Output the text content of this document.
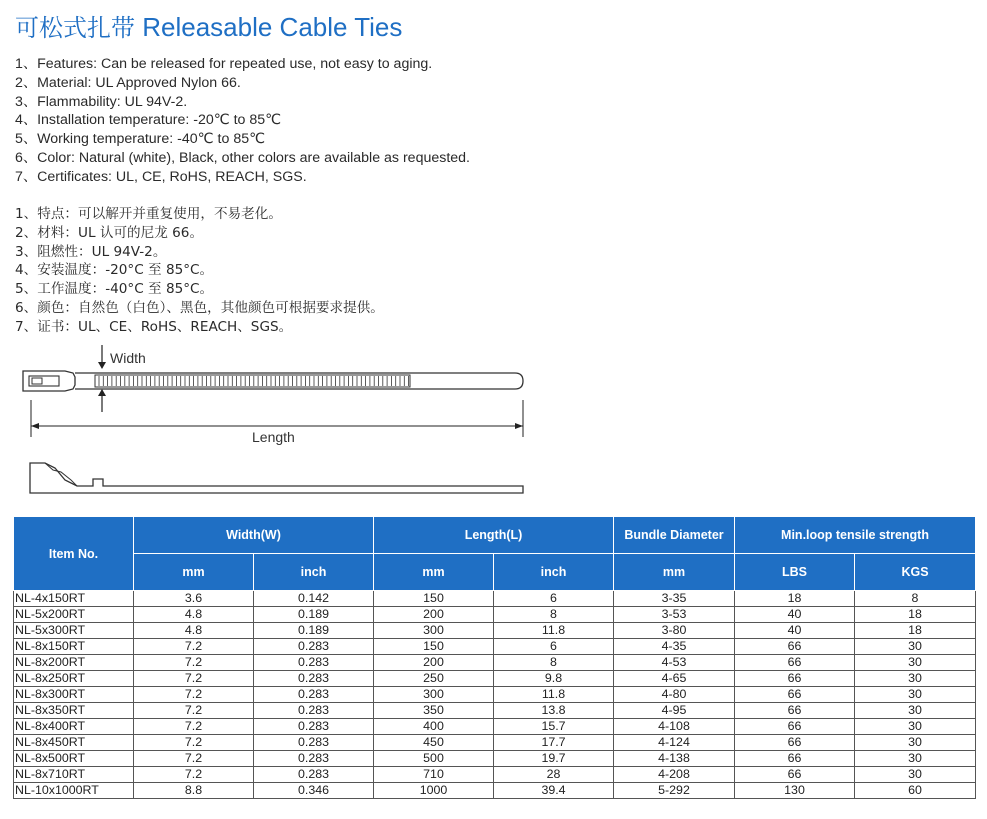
可松式扎带 Releasable Cable Ties
1、Features: Can be released for repeated use, not easy to aging.
2、Material: UL Approved Nylon 66.
3、Flammability: UL 94V-2.
4、Installation temperature: -20℃ to 85℃
5、Working temperature: -40℃ to 85℃
6、Color: Natural (white), Black, other colors are available as requested.
7、Certificates: UL, CE, RoHS, REACH, SGS.
1、特点：可以解开并重复使用，不易老化。
2、材料：UL 认可的尼龙 66。
3、阻燃性：UL 94V-2。
4、安装温度：-20°C 至 85°C。
5、工作温度：-40°C 至 85°C。
6、颜色：自然色（白色）、黑色，其他颜色可根据要求提供。
7、证书：UL、CE、RoHS、REACH、SGS。
Width
Length
Item No.	Width(W)		Length(L)		Bundle Diameter	Min.loop tensile strength	
	mm	inch	mm	inch	mm	LBS	KGS
NL-4x150RT	3.6	0.142	150	6	3-35	18	8
NL-5x200RT	4.8	0.189	200	8	3-53	40	18
NL-5x300RT	4.8	0.189	300	11.8	3-80	40	18
NL-8x150RT	7.2	0.283	150	6	4-35	66	30
NL-8x200RT	7.2	0.283	200	8	4-53	66	30
NL-8x250RT	7.2	0.283	250	9.8	4-65	66	30
NL-8x300RT	7.2	0.283	300	11.8	4-80	66	30
NL-8x350RT	7.2	0.283	350	13.8	4-95	66	30
NL-8x400RT	7.2	0.283	400	15.7	4-108	66	30
NL-8x450RT	7.2	0.283	450	17.7	4-124	66	30
NL-8x500RT	7.2	0.283	500	19.7	4-138	66	30
NL-8x710RT	7.2	0.283	710	28	4-208	66	30
NL-10x1000RT	8.8	0.346	1000	39.4	5-292	130	60
